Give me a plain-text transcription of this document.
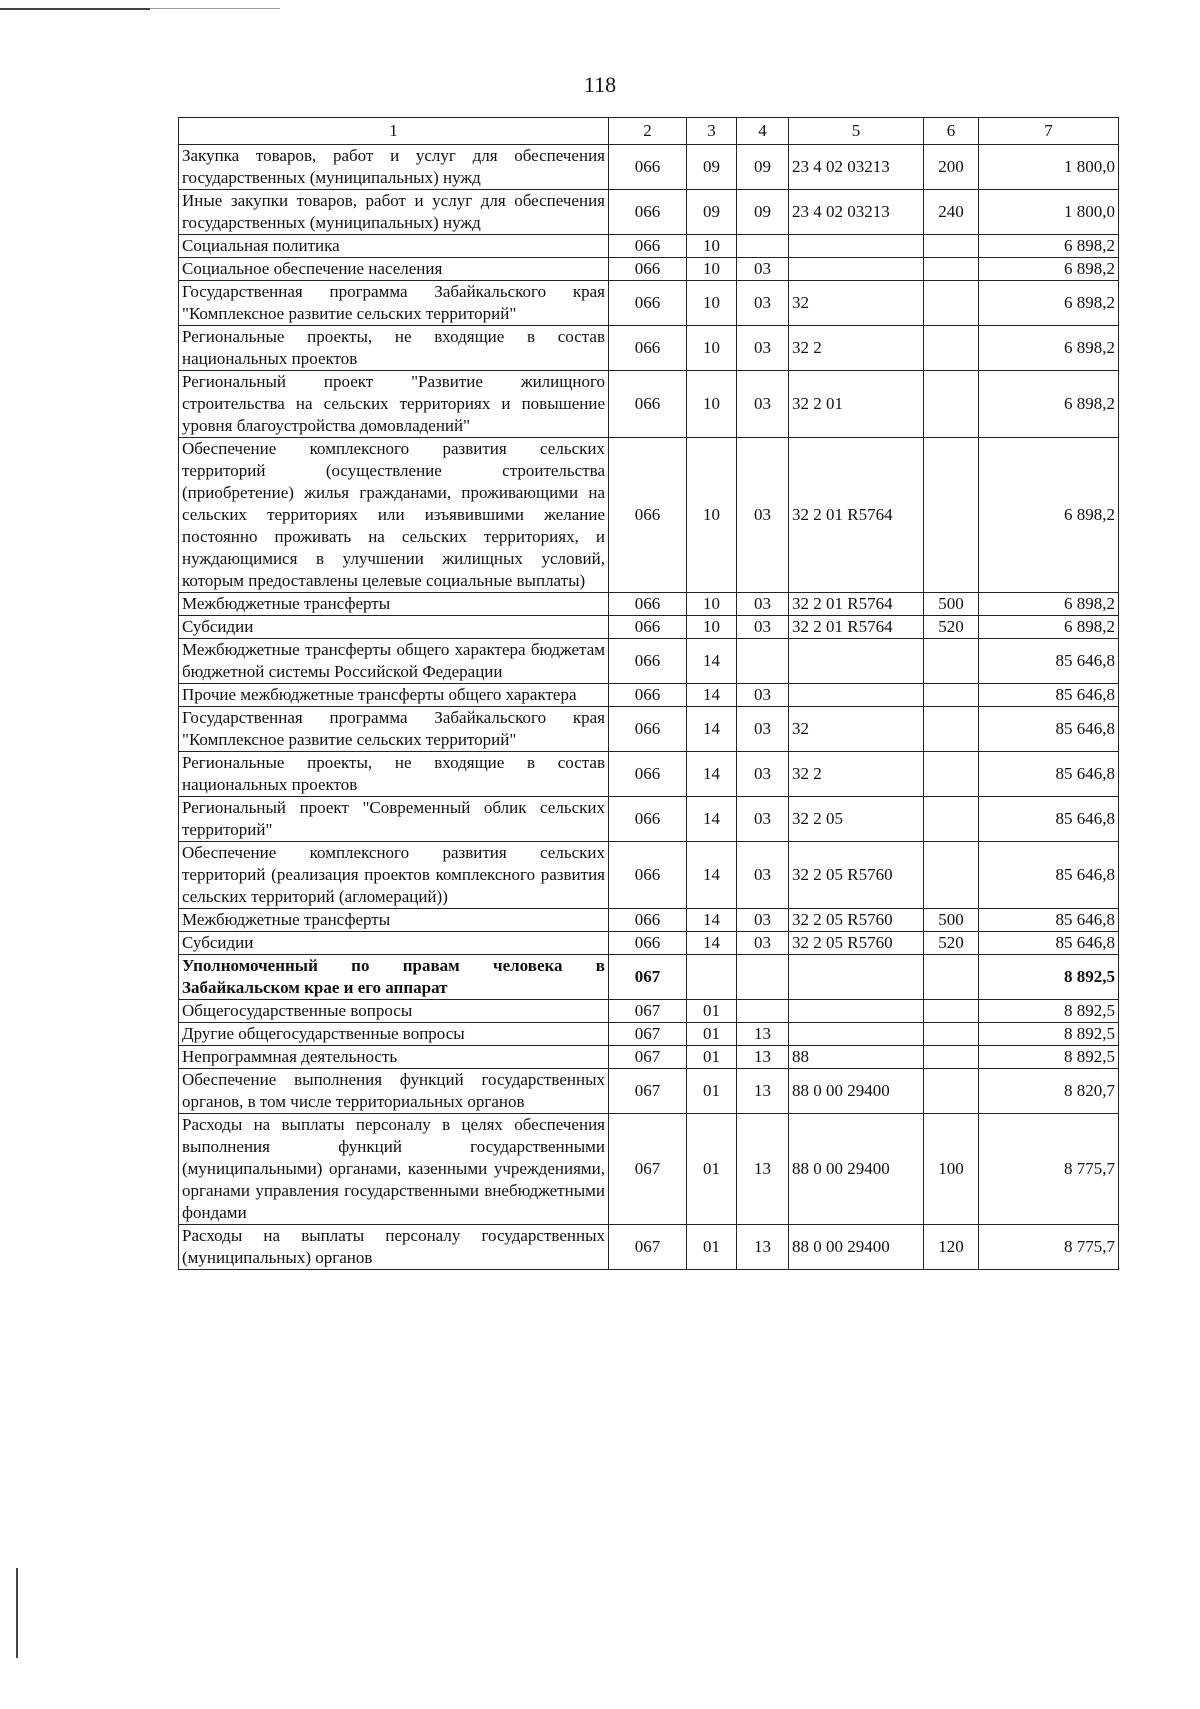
118
1	2	3	4	5	6	7
Закупка товаров, работ и услуг для обеспечения государственных (муниципальных) нужд	066	09	09	23 4 02 03213	200	1 800,0
Иные закупки товаров, работ и услуг для обеспечения государственных (муниципальных) нужд	066	09	09	23 4 02 03213	240	1 800,0
Социальная политика	066	10				6 898,2
Социальное обеспечение населения	066	10	03			6 898,2
Государственная программа Забайкальского края "Комплексное развитие сельских территорий"	066	10	03	32		6 898,2
Региональные проекты, не входящие в состав национальных проектов	066	10	03	32 2		6 898,2
Региональный проект "Развитие жилищного строительства на сельских территориях и повышение уровня благоустройства домовладений"	066	10	03	32 2 01		6 898,2
Обеспечение комплексного развития сельских территорий (осуществление строительства (приобретение) жилья гражданами, проживающими на сельских территориях или изъявившими желание постоянно проживать на сельских территориях, и нуждающимися в улучшении жилищных условий, которым предоставлены целевые социальные выплаты)	066	10	03	32 2 01 R5764		6 898,2
Межбюджетные трансферты	066	10	03	32 2 01 R5764	500	6 898,2
Субсидии	066	10	03	32 2 01 R5764	520	6 898,2
Межбюджетные трансферты общего характера бюджетам бюджетной системы Российской Федерации	066	14				85 646,8
Прочие межбюджетные трансферты общего характера	066	14	03			85 646,8
Государственная программа Забайкальского края "Комплексное развитие сельских территорий"	066	14	03	32		85 646,8
Региональные проекты, не входящие в состав национальных проектов	066	14	03	32 2		85 646,8
Региональный проект "Современный облик сельских территорий"	066	14	03	32 2 05		85 646,8
Обеспечение комплексного развития сельских территорий (реализация проектов комплексного развития сельских территорий (агломераций))	066	14	03	32 2 05 R5760		85 646,8
Межбюджетные трансферты	066	14	03	32 2 05 R5760	500	85 646,8
Субсидии	066	14	03	32 2 05 R5760	520	85 646,8
Уполномоченный по правам человека в Забайкальском крае и его аппарат	067					8 892,5
Общегосударственные вопросы	067	01				8 892,5
Другие общегосударственные вопросы	067	01	13			8 892,5
Непрограммная деятельность	067	01	13	88		8 892,5
Обеспечение выполнения функций государственных органов, в том числе территориальных органов	067	01	13	88 0 00 29400		8 820,7
Расходы на выплаты персоналу в целях обеспечения выполнения функций государственными (муниципальными) органами, казенными учреждениями, органами управления государственными внебюджетными фондами	067	01	13	88 0 00 29400	100	8 775,7
Расходы на выплаты персоналу государственных (муниципальных) органов	067	01	13	88 0 00 29400	120	8 775,7
